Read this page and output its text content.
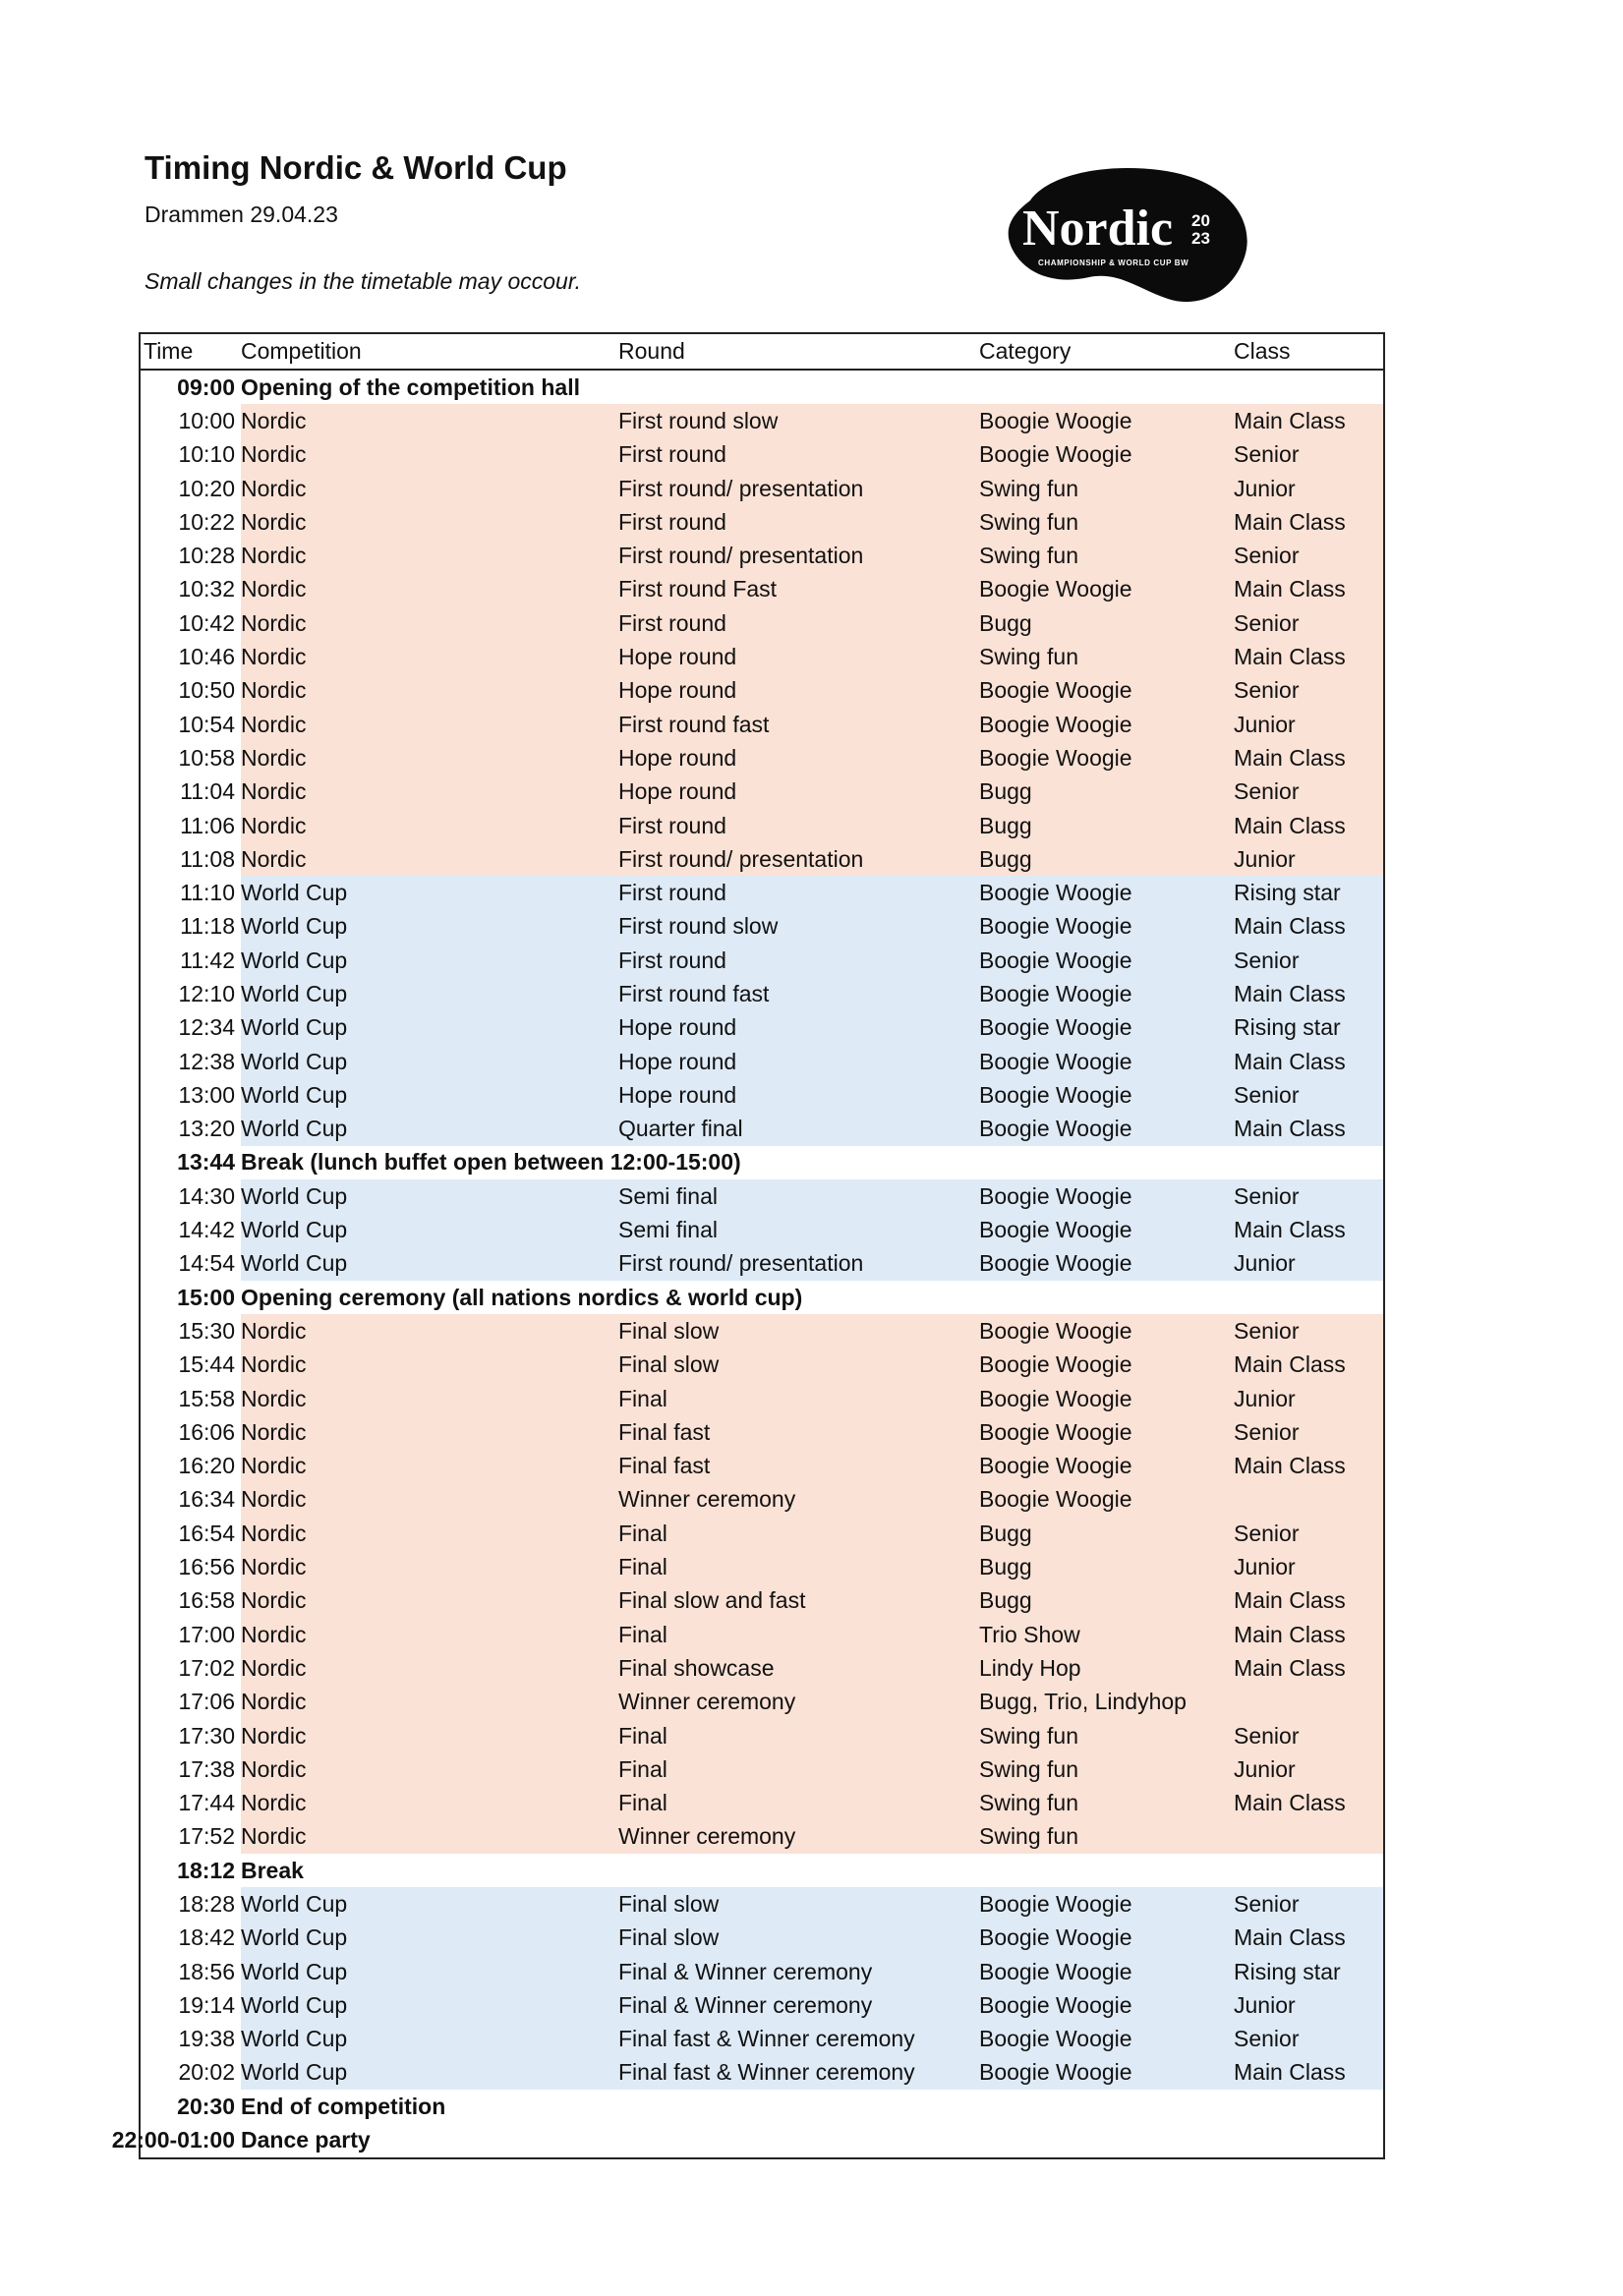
Timing Nordic & World Cup
Drammen 29.04.23
Small changes in the timetable may occour.
Nordic 20
23
CHAMPIONSHIP & WORLD CUP BW
Time	Competition	Round	Category	Class
09:00 Opening of the competition hall
10:00 Nordic	First round slow	Boogie Woogie	Main Class
10:10 Nordic	First round	Boogie Woogie	Senior
10:20 Nordic	First round/ presentation	Swing fun	Junior
10:22 Nordic	First round	Swing fun	Main Class
10:28 Nordic	First round/ presentation	Swing fun	Senior
10:32 Nordic	First round Fast	Boogie Woogie	Main Class
10:42 Nordic	First round	Bugg	Senior
10:46 Nordic	Hope round	Swing fun	Main Class
10:50 Nordic	Hope round	Boogie Woogie	Senior
10:54 Nordic	First round fast	Boogie Woogie	Junior
10:58 Nordic	Hope round	Boogie Woogie	Main Class
11:04 Nordic	Hope round	Bugg	Senior
11:06 Nordic	First round	Bugg	Main Class
11:08 Nordic	First round/ presentation	Bugg	Junior
11:10 World Cup	First round	Boogie Woogie	Rising star
11:18 World Cup	First round slow	Boogie Woogie	Main Class
11:42 World Cup	First round	Boogie Woogie	Senior
12:10 World Cup	First round fast	Boogie Woogie	Main Class
12:34 World Cup	Hope round	Boogie Woogie	Rising star
12:38 World Cup	Hope round	Boogie Woogie	Main Class
13:00 World Cup	Hope round	Boogie Woogie	Senior
13:20 World Cup	Quarter final	Boogie Woogie	Main Class
13:44 Break (lunch buffet open between 12:00-15:00)
14:30 World Cup	Semi final	Boogie Woogie	Senior
14:42 World Cup	Semi final	Boogie Woogie	Main Class
14:54 World Cup	First round/ presentation	Boogie Woogie	Junior
15:00 Opening ceremony (all nations nordics & world cup)
15:30 Nordic	Final slow	Boogie Woogie	Senior
15:44 Nordic	Final slow	Boogie Woogie	Main Class
15:58 Nordic	Final	Boogie Woogie	Junior
16:06 Nordic	Final fast	Boogie Woogie	Senior
16:20 Nordic	Final fast	Boogie Woogie	Main Class
16:34 Nordic	Winner ceremony	Boogie Woogie
16:54 Nordic	Final	Bugg	Senior
16:56 Nordic	Final	Bugg	Junior
16:58 Nordic	Final slow and fast	Bugg	Main Class
17:00 Nordic	Final	Trio Show	Main Class
17:02 Nordic	Final showcase	Lindy Hop	Main Class
17:06 Nordic	Winner ceremony	Bugg, Trio, Lindyhop
17:30 Nordic	Final	Swing fun	Senior
17:38 Nordic	Final	Swing fun	Junior
17:44 Nordic	Final	Swing fun	Main Class
17:52 Nordic	Winner ceremony	Swing fun
18:12 Break
18:28 World Cup	Final slow	Boogie Woogie	Senior
18:42 World Cup	Final slow	Boogie Woogie	Main Class
18:56 World Cup	Final & Winner ceremony	Boogie Woogie	Rising star
19:14 World Cup	Final & Winner ceremony	Boogie Woogie	Junior
19:38 World Cup	Final fast & Winner ceremony	Boogie Woogie	Senior
20:02 World Cup	Final fast & Winner ceremony	Boogie Woogie	Main Class
20:30 End of competition
22:00-01:00 Dance party
